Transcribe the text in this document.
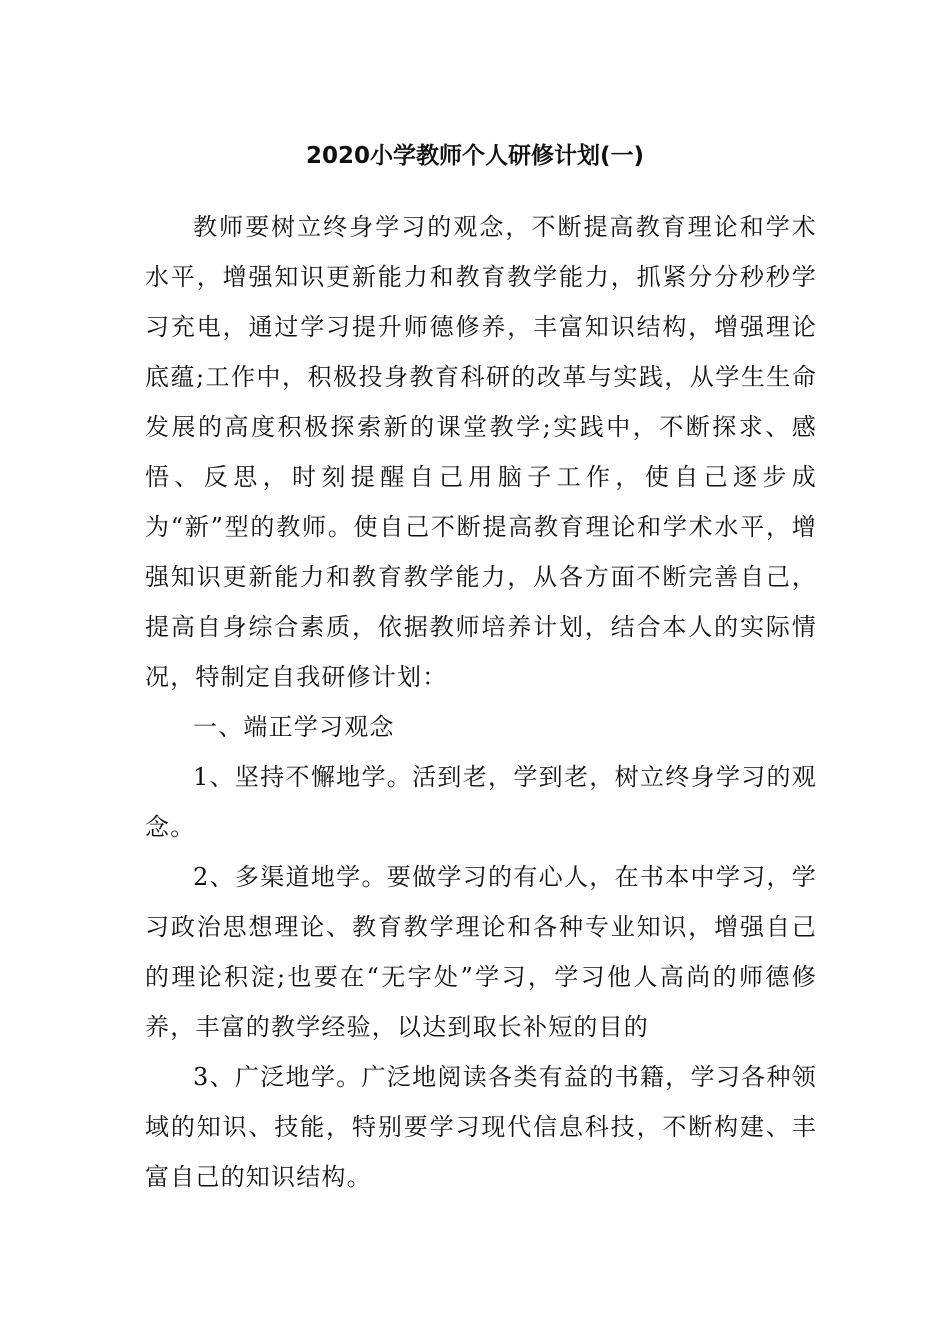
2020小学教师个人研修计划(一)

教师要树立终身学习的观念，不断提高教育理论和学术水平，增强知识更新能力和教育教学能力，抓紧分分秒秒学习充电，通过学习提升师德修养，丰富知识结构，增强理论底蕴;工作中，积极投身教育科研的改革与实践，从学生生命发展的高度积极探索新的课堂教学;实践中，不断探求、感悟、反思，时刻提醒自己用脑子工作，使自己逐步成为“新”型的教师。使自己不断提高教育理论和学术水平，增强知识更新能力和教育教学能力，从各方面不断完善自己，提高自身综合素质，依据教师培养计划，结合本人的实际情况，特制定自我研修计划：

一、端正学习观念

1、坚持不懈地学。活到老，学到老，树立终身学习的观念。

2、多渠道地学。要做学习的有心人，在书本中学习，学习政治思想理论、教育教学理论和各种专业知识，增强自己的理论积淀;也要在“无字处”学习，学习他人高尚的师德修养，丰富的教学经验，以达到取长补短的目的

3、广泛地学。广泛地阅读各类有益的书籍，学习各种领域的知识、技能，特别要学习现代信息科技，不断构建、丰富自己的知识结构。
